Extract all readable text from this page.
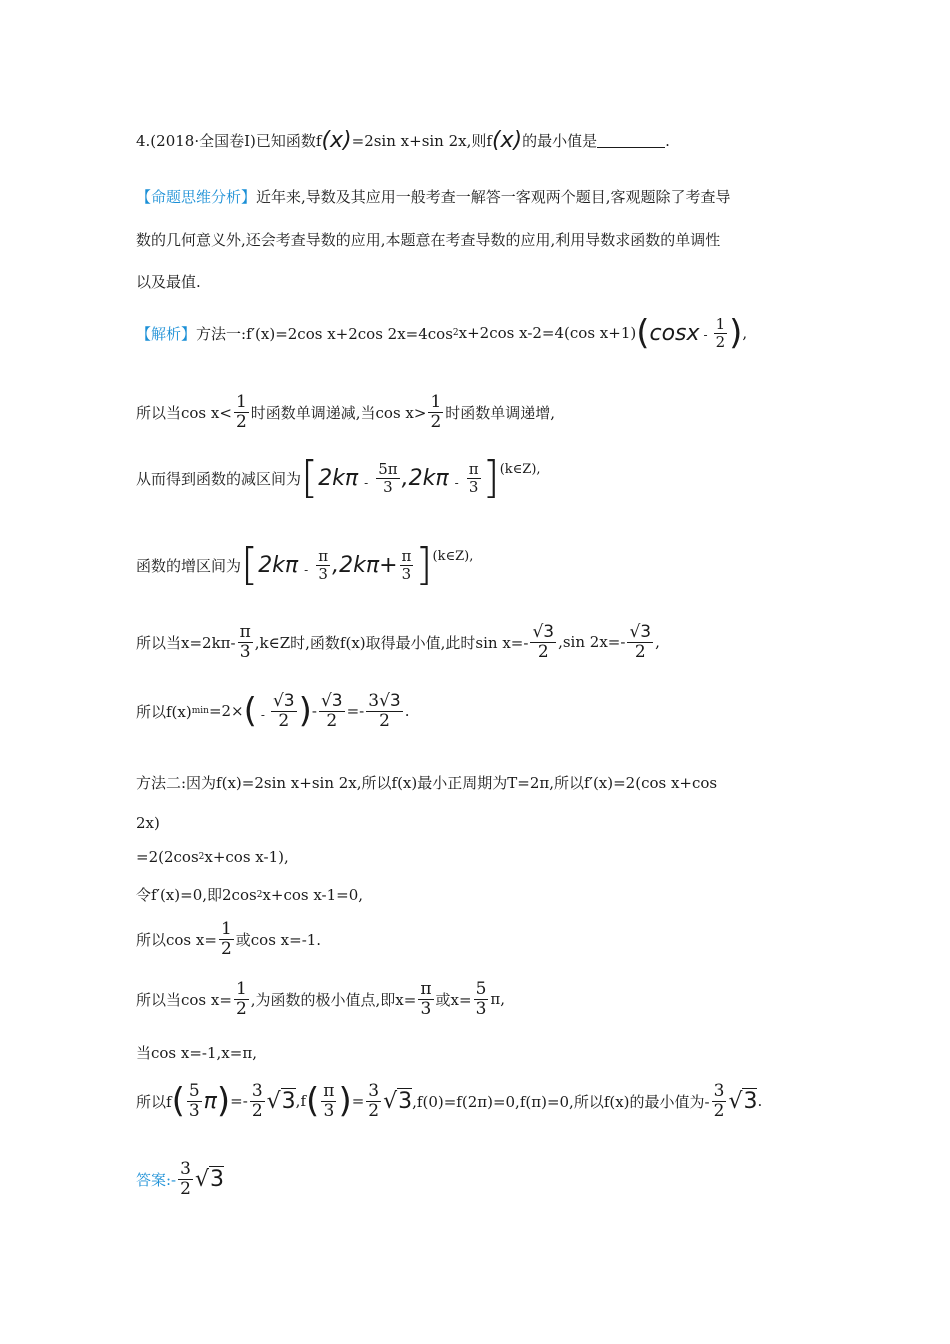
4.(2018·全国卷Ⅰ)已知函数f (x) =2sin x+sin 2x,则f (x) 的最小值是	.
【命题思维分析】 近年来,导数及其应用一般考查一解答一客观两个题目,客观题除了考查导
数的几何意义外,还会考查导数的应用,本题意在考查导数的应用,利用导数求函数的单调性
以及最值.
【解析】 方法一:f′(x)=2cos x+2cos 2x=4cos 2 x+2cos x-2=4(cos x+1) ( cosx - $\frac{1}{2}$ ) ,
所以当$\cos x< \frac{1}{2}$ 时函数单调递减,当$\cos x> \frac{1}{2}$ 时函数单调递增,
从而得到函数的减区间为 [ $2k\pi - \frac{5\pi}{3} ,2k\pi - \frac{\pi}{3}$ ] (k∈Z),
函数的增区间为 [ $2k\pi - \frac{\pi}{3} ,2k\pi+ \frac{\pi}{3}$ ] (k∈Z),
所以当$x=2k\pi- \frac{\pi}{3}$ ,k∈Z时,函数f(x)取得最小值,此时$\sin x=- \frac{√3}{2} ,\sin$ $2x=- \frac{√3}{2}$ ,
所以f(x) min =2× ( - $\frac{√3}{2}$ ) - $\frac{√3}{2} =- \frac{3√3}{2}$ .
方法二:因为f(x)=2sin x+sin 2x,所以f(x)最小正周期为T=2π,所以f′(x)=2(cos x+cos
2x)
=2(2cos 2 x+cos x-1),
令f′(x)=0,即2cos 2 x+cos x-1=0,
所以$\cos x= \frac{1}{2}$ 或cos x=-1.
所以当$\cos x= \frac{1}{2}$ ,为函数的极小值点,即$x= \frac{\pi}{3}$ 或$x= \frac{5}{3} \pi$,
当cos x=-1,x=π,
所以f ( $\frac{5}{3}$ π ) =- $\frac{3}{2} √3$ ,f ( $\frac{\pi}{3}$ ) = $\frac{3}{2} √3$ ,f(0)=f(2π)=0,f(π)=0,所以f(x)的最小值为- $\frac{3}{2} √3$ .
答案:- $\frac{3}{2} √3$
